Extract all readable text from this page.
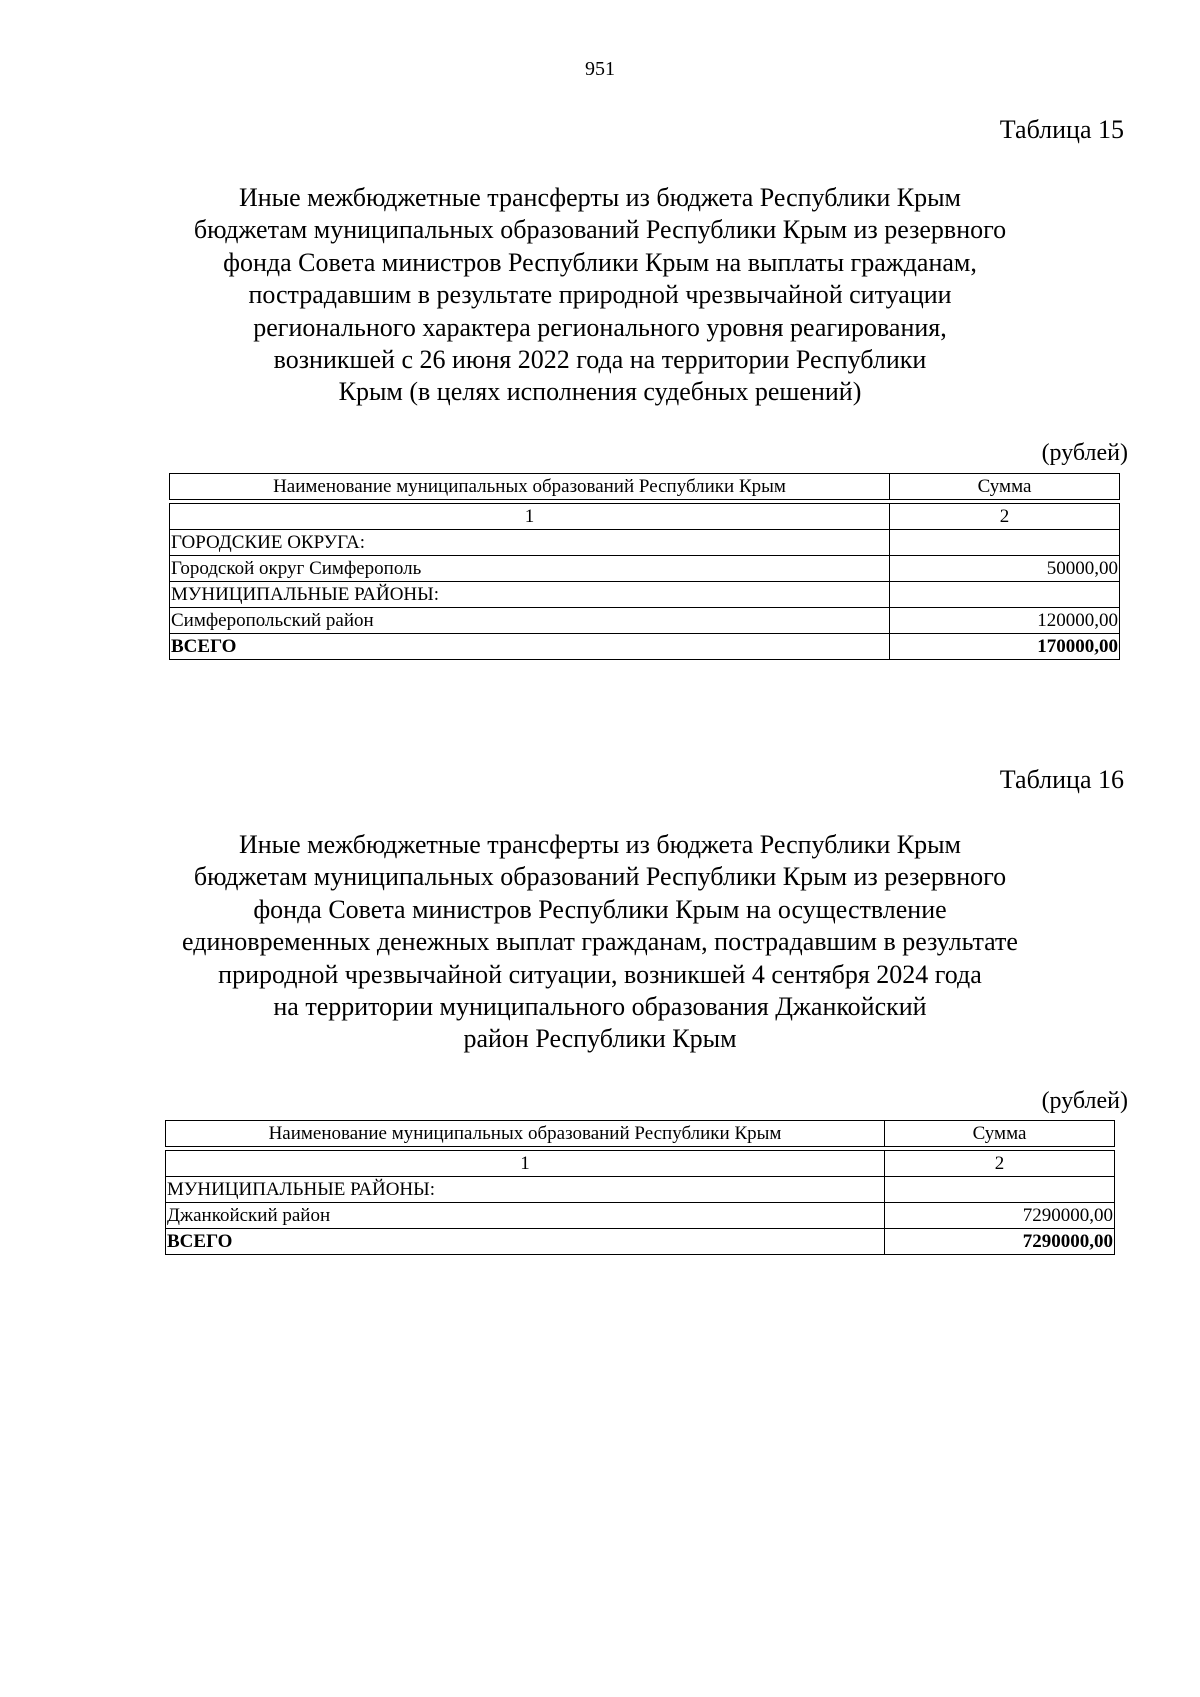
951
Таблица 15
Иные межбюджетные трансферты из бюджета Республики Крым
бюджетам муниципальных образований Республики Крым из резервного
фонда Совета министров Республики Крым на выплаты гражданам,
пострадавшим в результате природной чрезвычайной ситуации
регионального характера регионального уровня реагирования,
возникшей с 26 июня 2022 года на территории Республики
Крым (в целях исполнения судебных решений)
(рублей)
Наименование муниципальных образований Республики Крым	Сумма

1	2
ГОРОДСКИЕ ОКРУГА:	
Городской округ Симферополь	50000,00
МУНИЦИПАЛЬНЫЕ РАЙОНЫ:	
Симферопольский район	120000,00
ВСЕГО	170000,00
Таблица 16
Иные межбюджетные трансферты из бюджета Республики Крым
бюджетам муниципальных образований Республики Крым из резервного
фонда Совета министров Республики Крым на осуществление
единовременных денежных выплат гражданам, пострадавшим в результате
природной чрезвычайной ситуации, возникшей 4 сентября 2024 года
на территории муниципального образования Джанкойский
район Республики Крым
(рублей)
Наименование муниципальных образований Республики Крым	Сумма

1	2
МУНИЦИПАЛЬНЫЕ РАЙОНЫ:	
Джанкойский район	7290000,00
ВСЕГО	7290000,00
